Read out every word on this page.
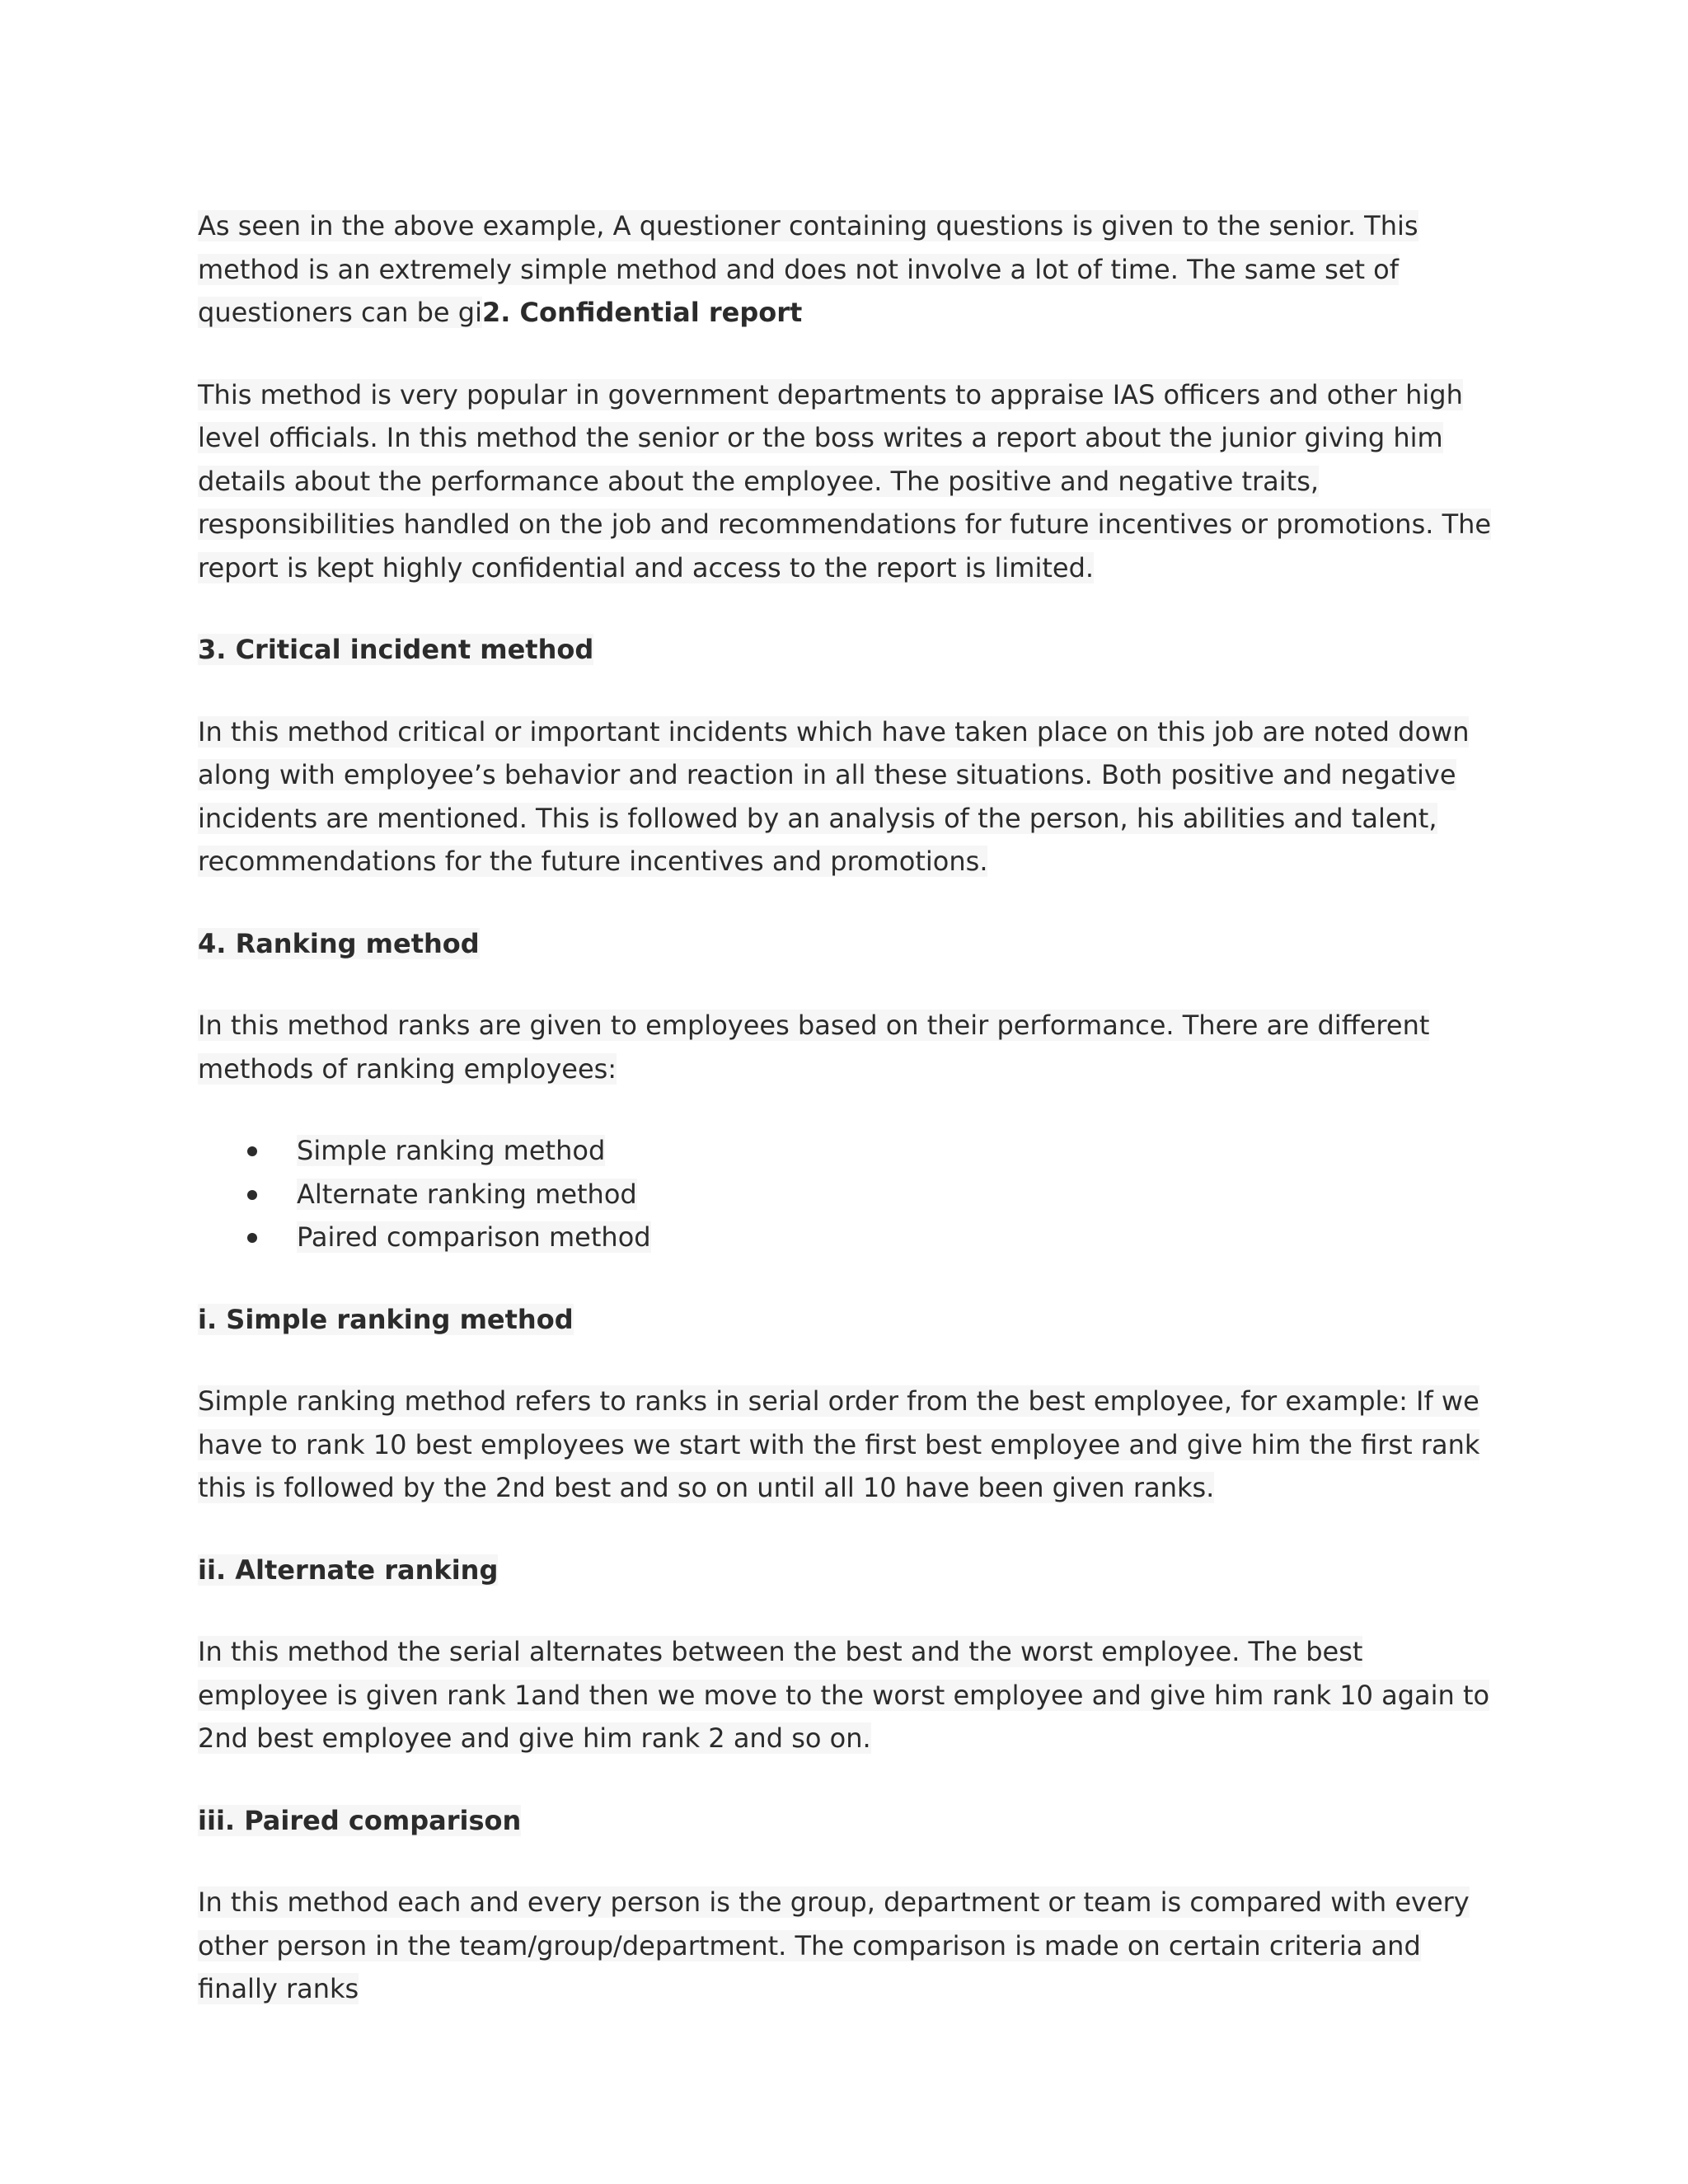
As seen in the above example, A questioner containing questions is given to the senior. This method is an extremely simple method and does not involve a lot of time. The same set of questioners can be gi2. Confidential report

This method is very popular in government departments to appraise IAS officers and other high level officials. In this method the senior or the boss writes a report about the junior giving him details about the performance about the employee. The positive and negative traits, responsibilities handled on the job and recommendations for future incentives or promotions. The report is kept highly confidential and access to the report is limited.

3. Critical incident method

In this method critical or important incidents which have taken place on this job are noted down along with employee’s behavior and reaction in all these situations. Both positive and negative incidents are mentioned. This is followed by an analysis of the person, his abilities and talent, recommendations for the future incentives and promotions.

4. Ranking method

In this method ranks are given to employees based on their performance. There are different methods of ranking employees:

Simple ranking method
Alternate ranking method
Paired comparison method

i. Simple ranking method

Simple ranking method refers to ranks in serial order from the best employee, for example: If we have to rank 10 best employees we start with the first best employee and give him the first rank this is followed by the 2nd best and so on until all 10 have been given ranks.

ii. Alternate ranking

In this method the serial alternates between the best and the worst employee. The best employee is given rank 1and then we move to the worst employee and give him rank 10 again to 2nd best employee and give him rank 2 and so on.

iii. Paired comparison

In this method each and every person is the group, department or team is compared with every other person in the team/group/department. The comparison is made on certain criteria and finally ranks
